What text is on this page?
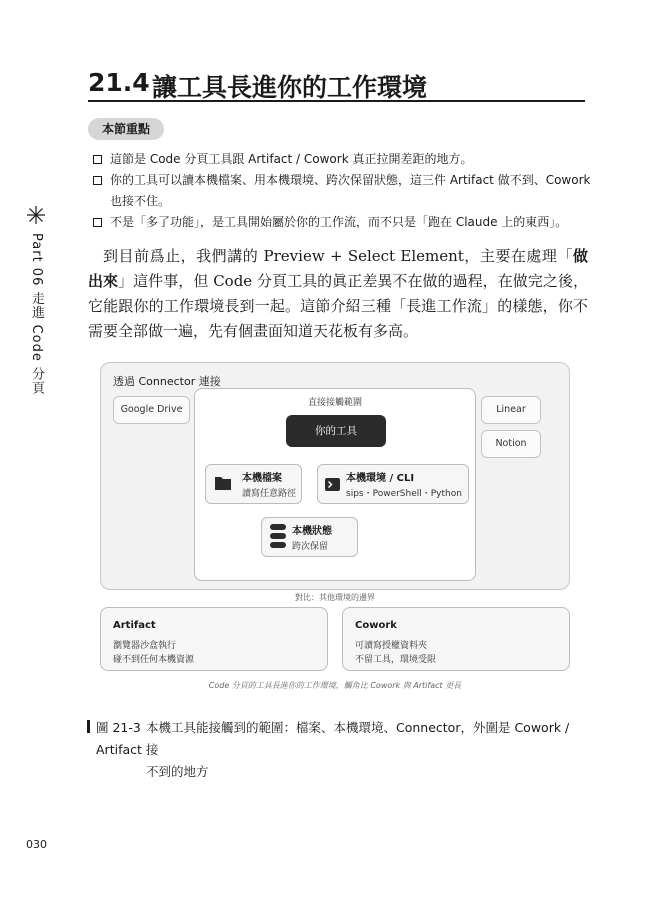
21.4 讓工具長進你的工作環境
本節重點
這節是 Code 分頁工具跟 Artifact / Cowork 真正拉開差距的地方。
你的工具可以讀本機檔案、用本機環境、跨次保留狀態，這三件 Artifact 做不到、Cowork
也接不住。
不是「多了功能」，是工具開始屬於你的工作流，而不只是「跑在 Claude 上的東西」。
Part 06 走進 Code 分頁	到目前爲止，我們講的 Preview + Select Element，主要在處理「做出來」這件事，但 Code 分頁工具的眞正差異不在做的過程，在做完之後，它能跟你的工作環境長到一起。這節介紹三種「長進工作流」的樣態，你不需要全部做一遍，先有個畫面知道天花板有多高。

透過 Connector 連接
Google Drive	Linear
Notion
直接接觸範圍
你的工具
本機檔案
讀寫任意路徑
本機環境 / CLI
sips・PowerShell・Python
本機狀態
跨次保留
對比：其他環境的邊界
Artifact
瀏覽器沙盒執行
碰不到任何本機資源
Cowork
可讀寫授權資料夾
不留工具，環境受限
Code 分頁的工具長進你的工作環境，觸角比 Cowork 與 Artifact 更長
圖 21-3 本機工具能接觸到的範圍：檔案、本機環境、Connector，外圍是 Cowork / Artifact 接
不到的地方
030
